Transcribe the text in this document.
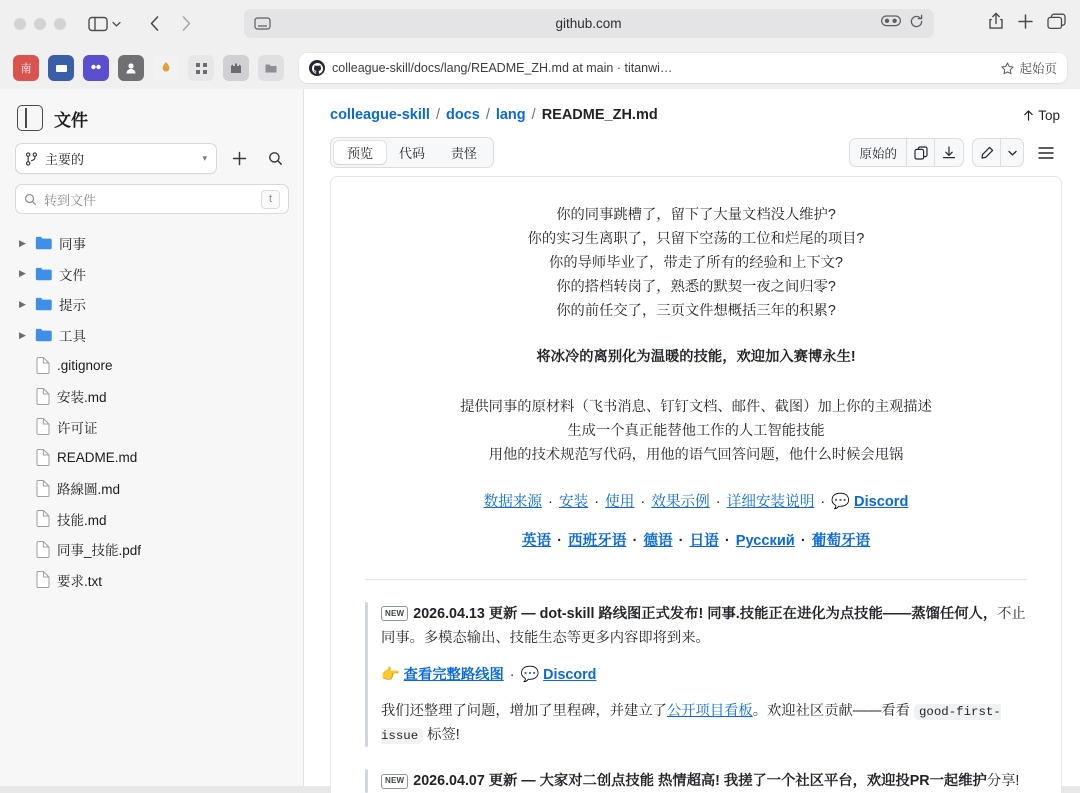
github.com
南	colleague-skill/docs/lang/README_ZH.md at main · titanwi…	起始页
文件
主要的	▾
转到文件	t
▶ 同事
▶ 文件
▶ 提示
▶ 工具
.gitignore
安装.md
许可证
README.md
路線圖.md
技能.md
同事_技能.pdf
要求.txt
colleague-skill / docs / lang / README_ZH.md	Top
预览	代码	责怪	原始的

你的同事跳槽了，留下了大量文档没人维护?

你的实习生离职了，只留下空荡的工位和烂尾的项目?

你的导师毕业了，带走了所有的经验和上下文?

你的搭档转岗了，熟悉的默契一夜之间归零?

你的前任交了，三页文件想概括三年的积累?

将冰冷的离别化为温暖的技能，欢迎加入赛博永生!

提供同事的原材料（飞书消息、钉钉文档、邮件、截图）加上你的主观描述

生成一个真正能替他工作的人工智能技能

用他的技术规范写代码，用他的语气回答问题，他什么时候会甩锅

数据来源 · 安装 · 使用 · 效果示例 · 详细安装说明 · 💬 Discord
英语 · 西班牙语 · 德语 · 日语 · Русский · 葡萄牙语

NEW 2026.04.13 更新 — dot-skill 路线图正式发布! 同事.技能正在进化为点技能——蒸馏任何人，不止同事。多模态输出、技能生态等更多内容即将到来。

👉 查看完整路线图 · 💬 Discord

我们还整理了问题，增加了里程碑，并建立了公开项目看板。欢迎社区贡献——看看 good-first-issue 标签!

NEW 2026.04.07 更新 — 大家对二创点技能 热情超高! 我搓了一个社区平台，欢迎投PR一起维护分享!
